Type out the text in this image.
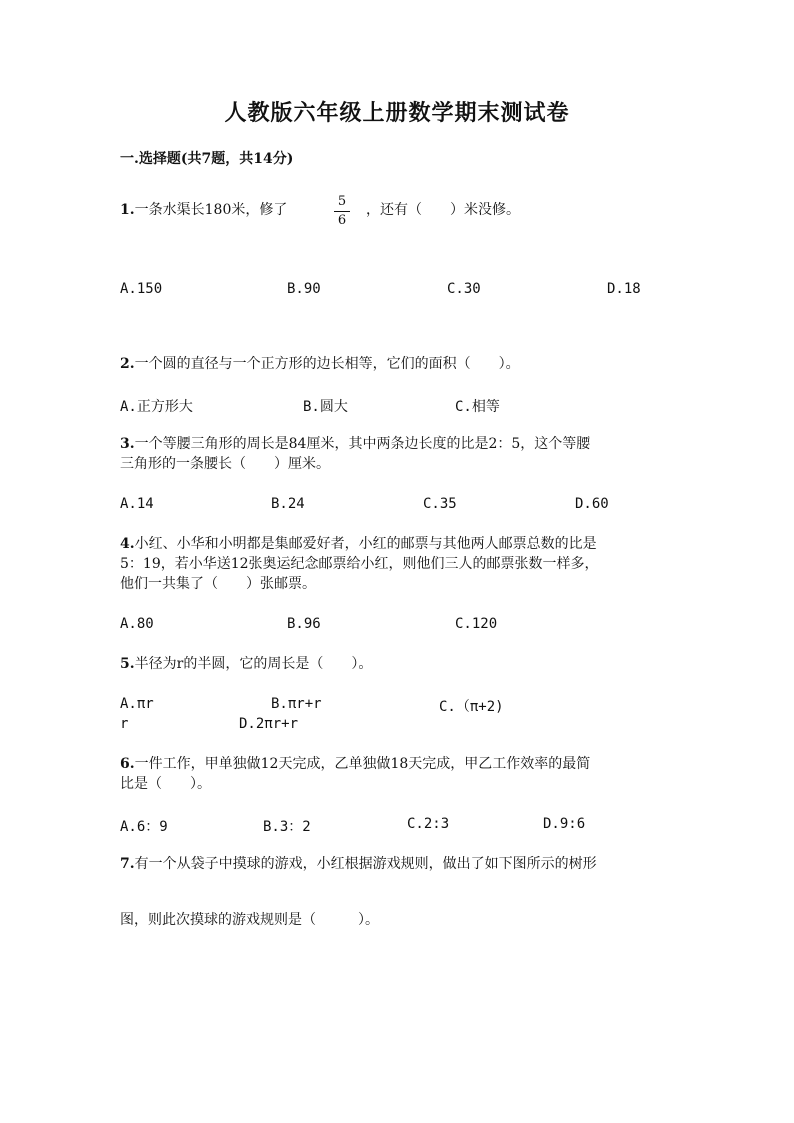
人教版六年级上册数学期末测试卷
一.选择题(共7题，共14分)
1.一条水渠长180米，修了
5
6
，还有（　　）米没修。
A.150	B.90	C.30	D.18
2.一个圆的直径与一个正方形的边长相等，它们的面积（　　）。
A.正方形大	B.圆大	C.相等
3.一个等腰三角形的周长是84厘米，其中两条边长度的比是2：5，这个等腰
三角形的一条腰长（　　）厘米。
A.14	B.24	C.35	D.60
4.小红、小华和小明都是集邮爱好者，小红的邮票与其他两人邮票总数的比是
5：19，若小华送12张奥运纪念邮票给小红，则他们三人的邮票张数一样多，
他们一共集了（　　）张邮票。
A.80	B.96	C.120
5.半径为r的半圆，它的周长是（　　）。
A.πr	B.πr+r	C.（π+2)
r	D.2πr+r
6.一件工作，甲单独做12天完成，乙单独做18天完成，甲乙工作效率的最简
比是（　　）。
A.6：9	B.3：2	C.2:3	D.9:6
7.有一个从袋子中摸球的游戏，小红根据游戏规则，做出了如下图所示的树形
图，则此次摸球的游戏规则是（　　　）。
